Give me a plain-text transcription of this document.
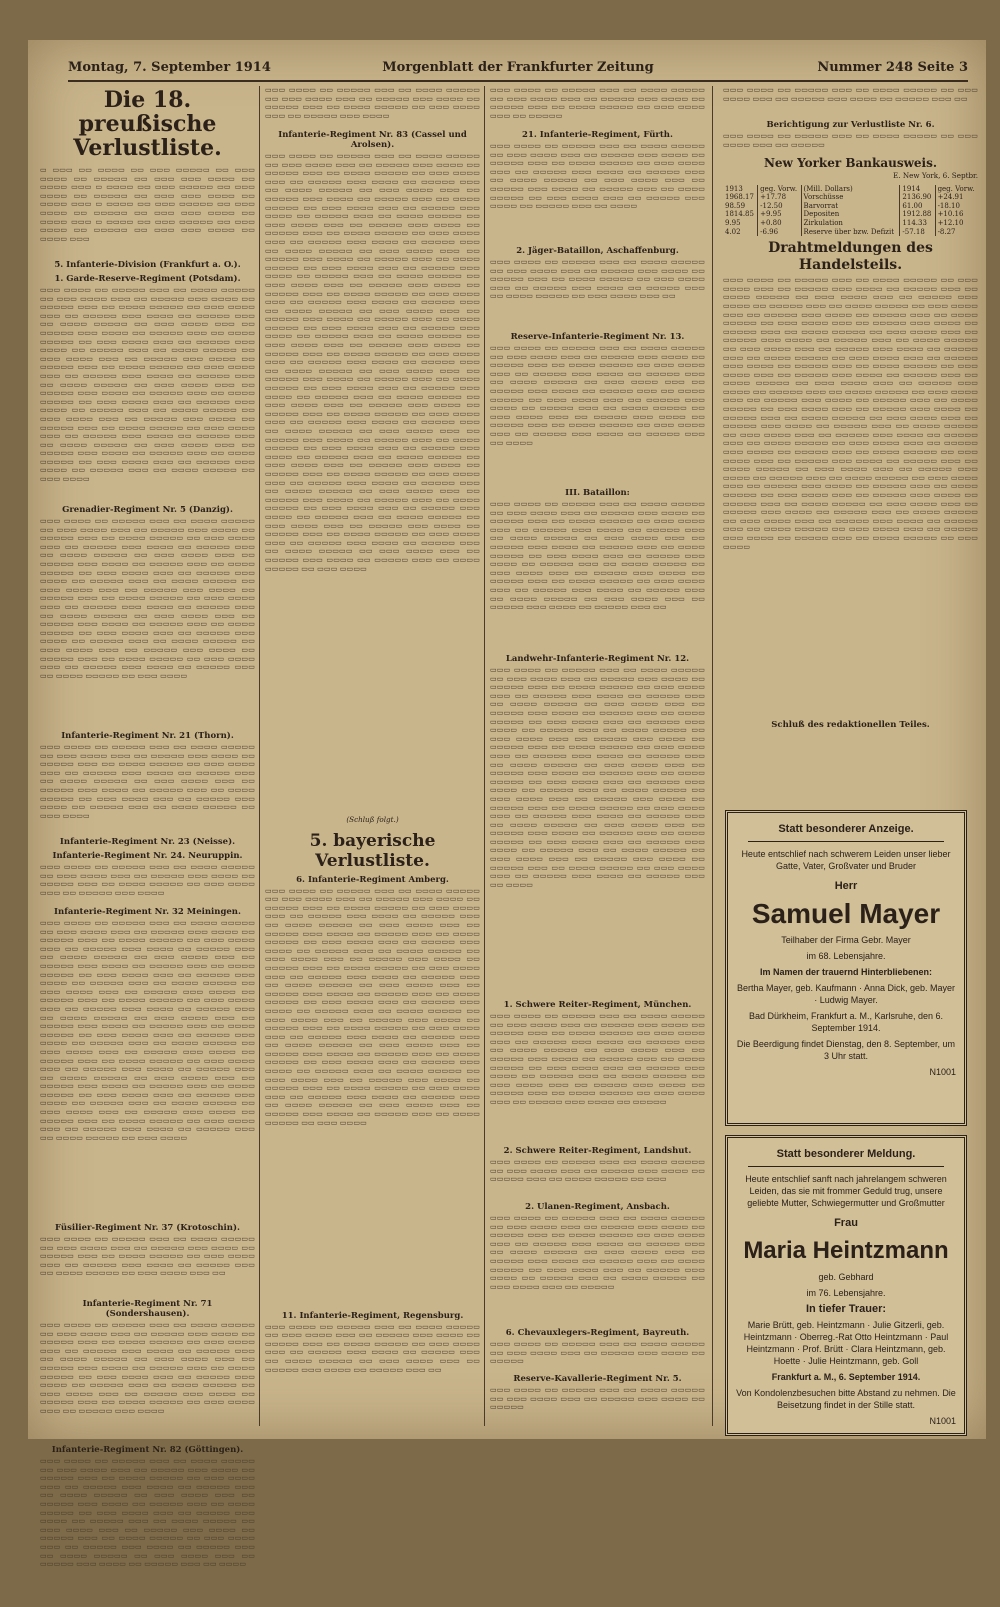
Montag, 7. September 1914	Morgenblatt der Frankfurter Zeitung	Nummer 248 Seite 3
Die 18. preußische Verlustliste.
▭ ▭▭▭ ▭▭ ▭▭▭▭ ▭▭ ▭▭▭ ▭▭▭▭▭ ▭▭ ▭▭▭ ▭▭▭▭ ▭▭ ▭▭▭▭▭ ▭▭ ▭▭▭ ▭▭▭ ▭▭▭▭ ▭▭ ▭▭▭▭ ▭▭▭ ▭ ▭▭▭▭ ▭▭ ▭▭▭ ▭▭▭▭▭ ▭▭ ▭▭▭ ▭▭▭▭ ▭▭ ▭▭▭▭▭ ▭▭ ▭▭▭ ▭▭▭ ▭▭▭▭ ▭▭ ▭▭▭▭ ▭▭▭ ▭ ▭▭▭▭ ▭▭ ▭▭▭ ▭▭▭▭▭ ▭▭ ▭▭▭ ▭▭▭▭ ▭▭ ▭▭▭▭▭ ▭▭ ▭▭▭ ▭▭▭ ▭▭▭▭ ▭▭ ▭▭▭▭ ▭▭▭ ▭ ▭▭▭▭ ▭▭ ▭▭▭ ▭▭▭▭▭ ▭▭ ▭▭▭ ▭▭▭▭ ▭▭ ▭▭▭▭▭ ▭▭ ▭▭▭ ▭▭▭ ▭▭▭▭ ▭▭ ▭▭▭▭ ▭▭▭
5. Infanterie-Division (Frankfurt a. O.).
1. Garde-Reserve-Regiment (Potsdam).
▭▭▭ ▭▭▭▭ ▭▭ ▭▭▭▭▭ ▭▭▭ ▭▭ ▭▭▭▭ ▭▭▭▭▭ ▭▭ ▭▭▭ ▭▭▭▭ ▭▭▭ ▭▭ ▭▭▭▭▭ ▭▭▭ ▭▭▭▭ ▭▭ ▭▭▭▭▭ ▭▭▭ ▭▭ ▭▭▭▭ ▭▭▭▭▭ ▭▭ ▭▭▭ ▭▭▭▭ ▭▭▭ ▭▭ ▭▭▭▭▭ ▭▭▭ ▭▭▭▭ ▭▭ ▭▭▭▭▭ ▭▭▭ ▭▭ ▭▭▭▭ ▭▭▭▭▭ ▭▭ ▭▭▭ ▭▭▭▭ ▭▭▭ ▭▭ ▭▭▭▭▭ ▭▭▭ ▭▭▭▭ ▭▭ ▭▭▭▭▭ ▭▭▭ ▭▭ ▭▭▭▭ ▭▭▭▭▭ ▭▭ ▭▭▭ ▭▭▭▭ ▭▭▭ ▭▭ ▭▭▭▭▭ ▭▭▭ ▭▭▭▭ ▭▭ ▭▭▭▭▭ ▭▭▭ ▭▭ ▭▭▭▭ ▭▭▭▭▭ ▭▭ ▭▭▭ ▭▭▭▭ ▭▭▭ ▭▭ ▭▭▭▭▭ ▭▭▭ ▭▭▭▭ ▭▭ ▭▭▭▭▭ ▭▭▭ ▭▭ ▭▭▭▭ ▭▭▭▭▭ ▭▭ ▭▭▭ ▭▭▭▭ ▭▭▭ ▭▭ ▭▭▭▭▭ ▭▭▭ ▭▭▭▭ ▭▭ ▭▭▭▭▭ ▭▭▭ ▭▭ ▭▭▭▭ ▭▭▭▭▭ ▭▭ ▭▭▭ ▭▭▭▭ ▭▭▭ ▭▭ ▭▭▭▭▭ ▭▭▭ ▭▭▭▭ ▭▭ ▭▭▭▭▭ ▭▭▭ ▭▭ ▭▭▭▭ ▭▭▭▭▭ ▭▭ ▭▭▭ ▭▭▭▭ ▭▭▭ ▭▭ ▭▭▭▭▭ ▭▭▭ ▭▭▭▭ ▭▭ ▭▭▭▭▭ ▭▭▭ ▭▭ ▭▭▭▭ ▭▭▭▭▭ ▭▭ ▭▭▭ ▭▭▭▭ ▭▭▭ ▭▭ ▭▭▭▭▭ ▭▭▭ ▭▭▭▭ ▭▭ ▭▭▭▭▭ ▭▭▭ ▭▭ ▭▭▭▭ ▭▭▭▭▭ ▭▭ ▭▭▭ ▭▭▭▭ ▭▭▭ ▭▭ ▭▭▭▭▭ ▭▭▭ ▭▭▭▭ ▭▭ ▭▭▭▭▭ ▭▭▭ ▭▭ ▭▭▭▭ ▭▭▭▭▭ ▭▭ ▭▭▭ ▭▭▭▭ ▭▭▭ ▭▭ ▭▭▭▭▭ ▭▭▭ ▭▭▭▭ ▭▭ ▭▭▭▭▭ ▭▭▭ ▭▭ ▭▭▭▭ ▭▭▭▭▭ ▭▭ ▭▭▭ ▭▭▭▭ ▭▭▭ ▭▭ ▭▭▭▭▭ ▭▭▭ ▭▭▭▭ ▭▭ ▭▭▭▭▭ ▭▭▭ ▭▭ ▭▭▭▭ ▭▭▭▭▭ ▭▭ ▭▭▭ ▭▭▭▭
Grenadier-Regiment Nr. 5 (Danzig).
▭▭▭ ▭▭▭▭ ▭▭ ▭▭▭▭▭ ▭▭▭ ▭▭ ▭▭▭▭ ▭▭▭▭▭ ▭▭ ▭▭▭ ▭▭▭▭ ▭▭▭ ▭▭ ▭▭▭▭▭ ▭▭▭ ▭▭▭▭ ▭▭ ▭▭▭▭▭ ▭▭▭ ▭▭ ▭▭▭▭ ▭▭▭▭▭ ▭▭ ▭▭▭ ▭▭▭▭ ▭▭▭ ▭▭ ▭▭▭▭▭ ▭▭▭ ▭▭▭▭ ▭▭ ▭▭▭▭▭ ▭▭▭ ▭▭ ▭▭▭▭ ▭▭▭▭▭ ▭▭ ▭▭▭ ▭▭▭▭ ▭▭▭ ▭▭ ▭▭▭▭▭ ▭▭▭ ▭▭▭▭ ▭▭ ▭▭▭▭▭ ▭▭▭ ▭▭ ▭▭▭▭ ▭▭▭▭▭ ▭▭ ▭▭▭ ▭▭▭▭ ▭▭▭ ▭▭ ▭▭▭▭▭ ▭▭▭ ▭▭▭▭ ▭▭ ▭▭▭▭▭ ▭▭▭ ▭▭ ▭▭▭▭ ▭▭▭▭▭ ▭▭ ▭▭▭ ▭▭▭▭ ▭▭▭ ▭▭ ▭▭▭▭▭ ▭▭▭ ▭▭▭▭ ▭▭ ▭▭▭▭▭ ▭▭▭ ▭▭ ▭▭▭▭ ▭▭▭▭▭ ▭▭ ▭▭▭ ▭▭▭▭ ▭▭▭ ▭▭ ▭▭▭▭▭ ▭▭▭ ▭▭▭▭ ▭▭ ▭▭▭▭▭ ▭▭▭ ▭▭ ▭▭▭▭ ▭▭▭▭▭ ▭▭ ▭▭▭ ▭▭▭▭ ▭▭▭ ▭▭ ▭▭▭▭▭ ▭▭▭ ▭▭▭▭ ▭▭ ▭▭▭▭▭ ▭▭▭ ▭▭ ▭▭▭▭ ▭▭▭▭▭ ▭▭ ▭▭▭ ▭▭▭▭ ▭▭▭ ▭▭ ▭▭▭▭▭ ▭▭▭ ▭▭▭▭ ▭▭ ▭▭▭▭▭ ▭▭▭ ▭▭ ▭▭▭▭ ▭▭▭▭▭ ▭▭ ▭▭▭ ▭▭▭▭ ▭▭▭ ▭▭ ▭▭▭▭▭ ▭▭▭ ▭▭▭▭ ▭▭ ▭▭▭▭▭ ▭▭▭ ▭▭ ▭▭▭▭ ▭▭▭▭▭ ▭▭ ▭▭▭ ▭▭▭▭ ▭▭▭ ▭▭ ▭▭▭▭▭ ▭▭▭ ▭▭▭▭ ▭▭ ▭▭▭▭▭ ▭▭▭ ▭▭ ▭▭▭▭ ▭▭▭▭▭ ▭▭ ▭▭▭ ▭▭▭▭
Infanterie-Regiment Nr. 21 (Thorn).
▭▭▭ ▭▭▭▭ ▭▭ ▭▭▭▭▭ ▭▭▭ ▭▭ ▭▭▭▭ ▭▭▭▭▭ ▭▭ ▭▭▭ ▭▭▭▭ ▭▭▭ ▭▭ ▭▭▭▭▭ ▭▭▭ ▭▭▭▭ ▭▭ ▭▭▭▭▭ ▭▭▭ ▭▭ ▭▭▭▭ ▭▭▭▭▭ ▭▭ ▭▭▭ ▭▭▭▭ ▭▭▭ ▭▭ ▭▭▭▭▭ ▭▭▭ ▭▭▭▭ ▭▭ ▭▭▭▭▭ ▭▭▭ ▭▭ ▭▭▭▭ ▭▭▭▭▭ ▭▭ ▭▭▭ ▭▭▭▭ ▭▭▭ ▭▭ ▭▭▭▭▭ ▭▭▭ ▭▭▭▭ ▭▭ ▭▭▭▭▭ ▭▭▭ ▭▭ ▭▭▭▭ ▭▭▭▭▭ ▭▭ ▭▭▭ ▭▭▭▭ ▭▭▭ ▭▭ ▭▭▭▭▭ ▭▭▭ ▭▭▭▭ ▭▭ ▭▭▭▭▭ ▭▭▭ ▭▭ ▭▭▭▭ ▭▭▭▭▭ ▭▭ ▭▭▭ ▭▭▭▭
Infanterie-Regiment Nr. 23 (Neisse).
Infanterie-Regiment Nr. 24. Neuruppin.
▭▭▭ ▭▭▭▭ ▭▭ ▭▭▭▭▭ ▭▭▭ ▭▭ ▭▭▭▭ ▭▭▭▭▭ ▭▭ ▭▭▭ ▭▭▭▭ ▭▭▭ ▭▭ ▭▭▭▭▭ ▭▭▭ ▭▭▭▭ ▭▭ ▭▭▭▭▭ ▭▭▭ ▭▭ ▭▭▭▭ ▭▭▭▭▭ ▭▭ ▭▭▭ ▭▭▭▭ ▭▭▭ ▭▭ ▭▭▭▭▭ ▭▭▭ ▭▭▭▭
Infanterie-Regiment Nr. 32 Meiningen.
▭▭▭ ▭▭▭▭ ▭▭ ▭▭▭▭▭ ▭▭▭ ▭▭ ▭▭▭▭ ▭▭▭▭▭ ▭▭ ▭▭▭ ▭▭▭▭ ▭▭▭ ▭▭ ▭▭▭▭▭ ▭▭▭ ▭▭▭▭ ▭▭ ▭▭▭▭▭ ▭▭▭ ▭▭ ▭▭▭▭ ▭▭▭▭▭ ▭▭ ▭▭▭ ▭▭▭▭ ▭▭▭ ▭▭ ▭▭▭▭▭ ▭▭▭ ▭▭▭▭ ▭▭ ▭▭▭▭▭ ▭▭▭ ▭▭ ▭▭▭▭ ▭▭▭▭▭ ▭▭ ▭▭▭ ▭▭▭▭ ▭▭▭ ▭▭ ▭▭▭▭▭ ▭▭▭ ▭▭▭▭ ▭▭ ▭▭▭▭▭ ▭▭▭ ▭▭ ▭▭▭▭ ▭▭▭▭▭ ▭▭ ▭▭▭ ▭▭▭▭ ▭▭▭ ▭▭ ▭▭▭▭▭ ▭▭▭ ▭▭▭▭ ▭▭ ▭▭▭▭▭ ▭▭▭ ▭▭ ▭▭▭▭ ▭▭▭▭▭ ▭▭ ▭▭▭ ▭▭▭▭ ▭▭▭ ▭▭ ▭▭▭▭▭ ▭▭▭ ▭▭▭▭ ▭▭ ▭▭▭▭▭ ▭▭▭ ▭▭ ▭▭▭▭ ▭▭▭▭▭ ▭▭ ▭▭▭ ▭▭▭▭ ▭▭▭ ▭▭ ▭▭▭▭▭ ▭▭▭ ▭▭▭▭ ▭▭ ▭▭▭▭▭ ▭▭▭ ▭▭ ▭▭▭▭ ▭▭▭▭▭ ▭▭ ▭▭▭ ▭▭▭▭ ▭▭▭ ▭▭ ▭▭▭▭▭ ▭▭▭ ▭▭▭▭ ▭▭ ▭▭▭▭▭ ▭▭▭ ▭▭ ▭▭▭▭ ▭▭▭▭▭ ▭▭ ▭▭▭ ▭▭▭▭ ▭▭▭ ▭▭ ▭▭▭▭▭ ▭▭▭ ▭▭▭▭ ▭▭ ▭▭▭▭▭ ▭▭▭ ▭▭ ▭▭▭▭ ▭▭▭▭▭ ▭▭ ▭▭▭ ▭▭▭▭ ▭▭▭ ▭▭ ▭▭▭▭▭ ▭▭▭ ▭▭▭▭ ▭▭ ▭▭▭▭▭ ▭▭▭ ▭▭ ▭▭▭▭ ▭▭▭▭▭ ▭▭ ▭▭▭ ▭▭▭▭ ▭▭▭ ▭▭ ▭▭▭▭▭ ▭▭▭ ▭▭▭▭ ▭▭ ▭▭▭▭▭ ▭▭▭ ▭▭ ▭▭▭▭ ▭▭▭▭▭ ▭▭ ▭▭▭ ▭▭▭▭ ▭▭▭ ▭▭ ▭▭▭▭▭ ▭▭▭ ▭▭▭▭ ▭▭ ▭▭▭▭▭ ▭▭▭ ▭▭ ▭▭▭▭ ▭▭▭▭▭ ▭▭ ▭▭▭ ▭▭▭▭ ▭▭▭ ▭▭ ▭▭▭▭▭ ▭▭▭ ▭▭▭▭ ▭▭ ▭▭▭▭▭ ▭▭▭ ▭▭ ▭▭▭▭ ▭▭▭▭▭ ▭▭ ▭▭▭ ▭▭▭▭ ▭▭▭ ▭▭ ▭▭▭▭▭ ▭▭▭ ▭▭▭▭ ▭▭ ▭▭▭▭▭ ▭▭▭ ▭▭ ▭▭▭▭ ▭▭▭▭▭ ▭▭ ▭▭▭ ▭▭▭▭ ▭▭▭ ▭▭ ▭▭▭▭▭ ▭▭▭ ▭▭▭▭ ▭▭ ▭▭▭▭▭ ▭▭▭ ▭▭ ▭▭▭▭ ▭▭▭▭▭ ▭▭ ▭▭▭ ▭▭▭▭
Füsilier-Regiment Nr. 37 (Krotoschin).
▭▭▭ ▭▭▭▭ ▭▭ ▭▭▭▭▭ ▭▭▭ ▭▭ ▭▭▭▭ ▭▭▭▭▭ ▭▭ ▭▭▭ ▭▭▭▭ ▭▭▭ ▭▭ ▭▭▭▭▭ ▭▭▭ ▭▭▭▭ ▭▭ ▭▭▭▭▭ ▭▭▭ ▭▭ ▭▭▭▭ ▭▭▭▭▭ ▭▭ ▭▭▭ ▭▭▭▭ ▭▭▭ ▭▭ ▭▭▭▭▭ ▭▭▭ ▭▭▭▭ ▭▭ ▭▭▭▭▭ ▭▭▭ ▭▭ ▭▭▭▭ ▭▭▭▭▭ ▭▭ ▭▭▭ ▭▭▭▭ ▭▭▭ ▭▭
Infanterie-Regiment Nr. 71 (Sondershausen).
▭▭▭ ▭▭▭▭ ▭▭ ▭▭▭▭▭ ▭▭▭ ▭▭ ▭▭▭▭ ▭▭▭▭▭ ▭▭ ▭▭▭ ▭▭▭▭ ▭▭▭ ▭▭ ▭▭▭▭▭ ▭▭▭ ▭▭▭▭ ▭▭ ▭▭▭▭▭ ▭▭▭ ▭▭ ▭▭▭▭ ▭▭▭▭▭ ▭▭ ▭▭▭ ▭▭▭▭ ▭▭▭ ▭▭ ▭▭▭▭▭ ▭▭▭ ▭▭▭▭ ▭▭ ▭▭▭▭▭ ▭▭▭ ▭▭ ▭▭▭▭ ▭▭▭▭▭ ▭▭ ▭▭▭ ▭▭▭▭ ▭▭▭ ▭▭ ▭▭▭▭▭ ▭▭▭ ▭▭▭▭ ▭▭ ▭▭▭▭▭ ▭▭▭ ▭▭ ▭▭▭▭ ▭▭▭▭▭ ▭▭ ▭▭▭ ▭▭▭▭ ▭▭▭ ▭▭ ▭▭▭▭▭ ▭▭▭ ▭▭▭▭ ▭▭ ▭▭▭▭▭ ▭▭▭ ▭▭ ▭▭▭▭ ▭▭▭▭▭ ▭▭ ▭▭▭ ▭▭▭▭ ▭▭▭ ▭▭ ▭▭▭▭▭ ▭▭▭ ▭▭▭▭ ▭▭ ▭▭▭▭▭ ▭▭▭ ▭▭ ▭▭▭▭ ▭▭▭▭▭ ▭▭ ▭▭▭ ▭▭▭▭ ▭▭▭ ▭▭ ▭▭▭▭▭ ▭▭▭ ▭▭▭▭
Infanterie-Regiment Nr. 82 (Göttingen).
▭▭▭ ▭▭▭▭ ▭▭ ▭▭▭▭▭ ▭▭▭ ▭▭ ▭▭▭▭ ▭▭▭▭▭ ▭▭ ▭▭▭ ▭▭▭▭ ▭▭▭ ▭▭ ▭▭▭▭▭ ▭▭▭ ▭▭▭▭ ▭▭ ▭▭▭▭▭ ▭▭▭ ▭▭ ▭▭▭▭ ▭▭▭▭▭ ▭▭ ▭▭▭ ▭▭▭▭ ▭▭▭ ▭▭ ▭▭▭▭▭ ▭▭▭ ▭▭▭▭ ▭▭ ▭▭▭▭▭ ▭▭▭ ▭▭ ▭▭▭▭ ▭▭▭▭▭ ▭▭ ▭▭▭ ▭▭▭▭ ▭▭▭ ▭▭ ▭▭▭▭▭ ▭▭▭ ▭▭▭▭ ▭▭ ▭▭▭▭▭ ▭▭▭ ▭▭ ▭▭▭▭ ▭▭▭▭▭ ▭▭ ▭▭▭ ▭▭▭▭ ▭▭▭ ▭▭ ▭▭▭▭▭ ▭▭▭ ▭▭▭▭ ▭▭ ▭▭▭▭▭ ▭▭▭ ▭▭ ▭▭▭▭ ▭▭▭▭▭ ▭▭ ▭▭▭ ▭▭▭▭ ▭▭▭ ▭▭ ▭▭▭▭▭ ▭▭▭ ▭▭▭▭ ▭▭ ▭▭▭▭▭ ▭▭▭ ▭▭ ▭▭▭▭ ▭▭▭▭▭ ▭▭ ▭▭▭ ▭▭▭▭ ▭▭▭ ▭▭ ▭▭▭▭▭ ▭▭▭ ▭▭▭▭ ▭▭ ▭▭▭▭▭ ▭▭▭ ▭▭ ▭▭▭▭ ▭▭▭▭▭ ▭▭ ▭▭▭ ▭▭▭▭ ▭▭▭ ▭▭ ▭▭▭▭▭ ▭▭▭ ▭▭▭▭ ▭▭ ▭▭▭▭▭ ▭▭▭ ▭▭ ▭▭▭▭
▭▭▭ ▭▭▭▭ ▭▭ ▭▭▭▭▭ ▭▭▭ ▭▭ ▭▭▭▭ ▭▭▭▭▭ ▭▭ ▭▭▭ ▭▭▭▭ ▭▭▭ ▭▭ ▭▭▭▭▭ ▭▭▭ ▭▭▭▭ ▭▭ ▭▭▭▭▭ ▭▭▭ ▭▭ ▭▭▭▭ ▭▭▭▭▭ ▭▭ ▭▭▭ ▭▭▭▭ ▭▭▭ ▭▭ ▭▭▭▭▭ ▭▭▭ ▭▭▭▭
Infanterie-Regiment Nr. 83 (Cassel und Arolsen).
▭▭▭ ▭▭▭▭ ▭▭ ▭▭▭▭▭ ▭▭▭ ▭▭ ▭▭▭▭ ▭▭▭▭▭ ▭▭ ▭▭▭ ▭▭▭▭ ▭▭▭ ▭▭ ▭▭▭▭▭ ▭▭▭ ▭▭▭▭ ▭▭ ▭▭▭▭▭ ▭▭▭ ▭▭ ▭▭▭▭ ▭▭▭▭▭ ▭▭ ▭▭▭ ▭▭▭▭ ▭▭▭ ▭▭ ▭▭▭▭▭ ▭▭▭ ▭▭▭▭ ▭▭ ▭▭▭▭▭ ▭▭▭ ▭▭ ▭▭▭▭ ▭▭▭▭▭ ▭▭ ▭▭▭ ▭▭▭▭ ▭▭▭ ▭▭ ▭▭▭▭▭ ▭▭▭ ▭▭▭▭ ▭▭ ▭▭▭▭▭ ▭▭▭ ▭▭ ▭▭▭▭ ▭▭▭▭▭ ▭▭ ▭▭▭ ▭▭▭▭ ▭▭▭ ▭▭ ▭▭▭▭▭ ▭▭▭ ▭▭▭▭ ▭▭ ▭▭▭▭▭ ▭▭▭ ▭▭ ▭▭▭▭ ▭▭▭▭▭ ▭▭ ▭▭▭ ▭▭▭▭ ▭▭▭ ▭▭ ▭▭▭▭▭ ▭▭▭ ▭▭▭▭ ▭▭ ▭▭▭▭▭ ▭▭▭ ▭▭ ▭▭▭▭ ▭▭▭▭▭ ▭▭ ▭▭▭ ▭▭▭▭ ▭▭▭ ▭▭ ▭▭▭▭▭ ▭▭▭ ▭▭▭▭ ▭▭ ▭▭▭▭▭ ▭▭▭ ▭▭ ▭▭▭▭ ▭▭▭▭▭ ▭▭ ▭▭▭ ▭▭▭▭ ▭▭▭ ▭▭ ▭▭▭▭▭ ▭▭▭ ▭▭▭▭ ▭▭ ▭▭▭▭▭ ▭▭▭ ▭▭ ▭▭▭▭ ▭▭▭▭▭ ▭▭ ▭▭▭ ▭▭▭▭ ▭▭▭ ▭▭ ▭▭▭▭▭ ▭▭▭ ▭▭▭▭ ▭▭ ▭▭▭▭▭ ▭▭▭ ▭▭ ▭▭▭▭ ▭▭▭▭▭ ▭▭ ▭▭▭ ▭▭▭▭ ▭▭▭ ▭▭ ▭▭▭▭▭ ▭▭▭ ▭▭▭▭ ▭▭ ▭▭▭▭▭ ▭▭▭ ▭▭ ▭▭▭▭ ▭▭▭▭▭ ▭▭ ▭▭▭ ▭▭▭▭ ▭▭▭ ▭▭ ▭▭▭▭▭ ▭▭▭ ▭▭▭▭ ▭▭ ▭▭▭▭▭ ▭▭▭ ▭▭ ▭▭▭▭ ▭▭▭▭▭ ▭▭ ▭▭▭ ▭▭▭▭ ▭▭▭ ▭▭ ▭▭▭▭▭ ▭▭▭ ▭▭▭▭ ▭▭ ▭▭▭▭▭ ▭▭▭ ▭▭ ▭▭▭▭ ▭▭▭▭▭ ▭▭ ▭▭▭ ▭▭▭▭ ▭▭▭ ▭▭ ▭▭▭▭▭ ▭▭▭ ▭▭▭▭ ▭▭ ▭▭▭▭▭ ▭▭▭ ▭▭ ▭▭▭▭ ▭▭▭▭▭ ▭▭ ▭▭▭ ▭▭▭▭ ▭▭▭ ▭▭ ▭▭▭▭▭ ▭▭▭ ▭▭▭▭ ▭▭ ▭▭▭▭▭ ▭▭▭ ▭▭ ▭▭▭▭ ▭▭▭▭▭ ▭▭ ▭▭▭ ▭▭▭▭ ▭▭▭ ▭▭ ▭▭▭▭▭ ▭▭▭ ▭▭▭▭ ▭▭ ▭▭▭▭▭ ▭▭▭ ▭▭ ▭▭▭▭ ▭▭▭▭▭ ▭▭ ▭▭▭ ▭▭▭▭ ▭▭▭ ▭▭ ▭▭▭▭▭ ▭▭▭ ▭▭▭▭ ▭▭ ▭▭▭▭▭ ▭▭▭ ▭▭ ▭▭▭▭ ▭▭▭▭▭ ▭▭ ▭▭▭ ▭▭▭▭ ▭▭▭ ▭▭ ▭▭▭▭▭ ▭▭▭ ▭▭▭▭ ▭▭ ▭▭▭▭▭ ▭▭▭ ▭▭ ▭▭▭▭ ▭▭▭▭▭ ▭▭ ▭▭▭ ▭▭▭▭ ▭▭▭ ▭▭ ▭▭▭▭▭ ▭▭▭ ▭▭▭▭ ▭▭ ▭▭▭▭▭ ▭▭▭ ▭▭ ▭▭▭▭ ▭▭▭▭▭ ▭▭ ▭▭▭ ▭▭▭▭ ▭▭▭ ▭▭ ▭▭▭▭▭ ▭▭▭ ▭▭▭▭ ▭▭ ▭▭▭▭▭ ▭▭▭ ▭▭ ▭▭▭▭ ▭▭▭▭▭ ▭▭ ▭▭▭ ▭▭▭▭ ▭▭▭ ▭▭ ▭▭▭▭▭ ▭▭▭ ▭▭▭▭ ▭▭ ▭▭▭▭▭ ▭▭▭ ▭▭ ▭▭▭▭ ▭▭▭▭▭ ▭▭ ▭▭▭ ▭▭▭▭ ▭▭▭ ▭▭ ▭▭▭▭▭ ▭▭▭ ▭▭▭▭ ▭▭ ▭▭▭▭▭ ▭▭▭ ▭▭ ▭▭▭▭ ▭▭▭▭▭ ▭▭ ▭▭▭ ▭▭▭▭ ▭▭▭ ▭▭ ▭▭▭▭▭ ▭▭▭ ▭▭▭▭ ▭▭ ▭▭▭▭▭ ▭▭▭ ▭▭ ▭▭▭▭ ▭▭▭▭▭ ▭▭ ▭▭▭ ▭▭▭▭ ▭▭▭ ▭▭ ▭▭▭▭▭ ▭▭▭ ▭▭▭▭ ▭▭ ▭▭▭▭▭ ▭▭▭ ▭▭ ▭▭▭▭ ▭▭▭▭▭ ▭▭ ▭▭▭ ▭▭▭▭ ▭▭▭ ▭▭ ▭▭▭▭▭ ▭▭▭ ▭▭▭▭ ▭▭ ▭▭▭▭▭ ▭▭▭ ▭▭ ▭▭▭▭ ▭▭▭▭▭ ▭▭ ▭▭▭ ▭▭▭▭ ▭▭▭ ▭▭ ▭▭▭▭▭ ▭▭▭ ▭▭▭▭ ▭▭ ▭▭▭▭▭ ▭▭▭ ▭▭ ▭▭▭▭ ▭▭▭▭▭ ▭▭ ▭▭▭ ▭▭▭▭ ▭▭▭ ▭▭ ▭▭▭▭▭ ▭▭▭ ▭▭▭▭ ▭▭ ▭▭▭▭▭ ▭▭▭ ▭▭ ▭▭▭▭ ▭▭▭▭▭ ▭▭ ▭▭▭ ▭▭▭▭ ▭▭▭ ▭▭ ▭▭▭▭▭ ▭▭▭ ▭▭▭▭ ▭▭ ▭▭▭▭▭ ▭▭▭ ▭▭ ▭▭▭▭ ▭▭▭▭▭ ▭▭ ▭▭▭ ▭▭▭▭ ▭▭▭ ▭▭ ▭▭▭▭▭ ▭▭▭ ▭▭▭▭ ▭▭ ▭▭▭▭▭ ▭▭▭ ▭▭ ▭▭▭▭ ▭▭▭▭▭ ▭▭ ▭▭▭ ▭▭▭▭
(Schluß folgt.)
5. bayerische Verlustliste.
6. Infanterie-Regiment Amberg.
▭▭▭ ▭▭▭▭ ▭▭ ▭▭▭▭▭ ▭▭▭ ▭▭ ▭▭▭▭ ▭▭▭▭▭ ▭▭ ▭▭▭ ▭▭▭▭ ▭▭▭ ▭▭ ▭▭▭▭▭ ▭▭▭ ▭▭▭▭ ▭▭ ▭▭▭▭▭ ▭▭▭ ▭▭ ▭▭▭▭ ▭▭▭▭▭ ▭▭ ▭▭▭ ▭▭▭▭ ▭▭▭ ▭▭ ▭▭▭▭▭ ▭▭▭ ▭▭▭▭ ▭▭ ▭▭▭▭▭ ▭▭▭ ▭▭ ▭▭▭▭ ▭▭▭▭▭ ▭▭ ▭▭▭ ▭▭▭▭ ▭▭▭ ▭▭ ▭▭▭▭▭ ▭▭▭ ▭▭▭▭ ▭▭ ▭▭▭▭▭ ▭▭▭ ▭▭ ▭▭▭▭ ▭▭▭▭▭ ▭▭ ▭▭▭ ▭▭▭▭ ▭▭▭ ▭▭ ▭▭▭▭▭ ▭▭▭ ▭▭▭▭ ▭▭ ▭▭▭▭▭ ▭▭▭ ▭▭ ▭▭▭▭ ▭▭▭▭▭ ▭▭ ▭▭▭ ▭▭▭▭ ▭▭▭ ▭▭ ▭▭▭▭▭ ▭▭▭ ▭▭▭▭ ▭▭ ▭▭▭▭▭ ▭▭▭ ▭▭ ▭▭▭▭ ▭▭▭▭▭ ▭▭ ▭▭▭ ▭▭▭▭ ▭▭▭ ▭▭ ▭▭▭▭▭ ▭▭▭ ▭▭▭▭ ▭▭ ▭▭▭▭▭ ▭▭▭ ▭▭ ▭▭▭▭ ▭▭▭▭▭ ▭▭ ▭▭▭ ▭▭▭▭ ▭▭▭ ▭▭ ▭▭▭▭▭ ▭▭▭ ▭▭▭▭ ▭▭ ▭▭▭▭▭ ▭▭▭ ▭▭ ▭▭▭▭ ▭▭▭▭▭ ▭▭ ▭▭▭ ▭▭▭▭ ▭▭▭ ▭▭ ▭▭▭▭▭ ▭▭▭ ▭▭▭▭ ▭▭ ▭▭▭▭▭ ▭▭▭ ▭▭ ▭▭▭▭ ▭▭▭▭▭ ▭▭ ▭▭▭ ▭▭▭▭ ▭▭▭ ▭▭ ▭▭▭▭▭ ▭▭▭ ▭▭▭▭ ▭▭ ▭▭▭▭▭ ▭▭▭ ▭▭ ▭▭▭▭ ▭▭▭▭▭ ▭▭ ▭▭▭ ▭▭▭▭ ▭▭▭ ▭▭ ▭▭▭▭▭ ▭▭▭ ▭▭▭▭ ▭▭ ▭▭▭▭▭ ▭▭▭ ▭▭ ▭▭▭▭ ▭▭▭▭▭ ▭▭ ▭▭▭ ▭▭▭▭ ▭▭▭ ▭▭ ▭▭▭▭▭ ▭▭▭ ▭▭▭▭ ▭▭ ▭▭▭▭▭ ▭▭▭ ▭▭ ▭▭▭▭ ▭▭▭▭▭ ▭▭ ▭▭▭ ▭▭▭▭ ▭▭▭ ▭▭ ▭▭▭▭▭ ▭▭▭ ▭▭▭▭ ▭▭ ▭▭▭▭▭ ▭▭▭ ▭▭ ▭▭▭▭ ▭▭▭▭▭ ▭▭ ▭▭▭ ▭▭▭▭ ▭▭▭ ▭▭ ▭▭▭▭▭ ▭▭▭ ▭▭▭▭ ▭▭ ▭▭▭▭▭ ▭▭▭ ▭▭ ▭▭▭▭ ▭▭▭▭▭ ▭▭ ▭▭▭ ▭▭▭▭ ▭▭▭ ▭▭ ▭▭▭▭▭ ▭▭▭ ▭▭▭▭ ▭▭ ▭▭▭▭▭ ▭▭▭ ▭▭ ▭▭▭▭ ▭▭▭▭▭ ▭▭ ▭▭▭ ▭▭▭▭ ▭▭▭ ▭▭ ▭▭▭▭▭ ▭▭▭ ▭▭▭▭ ▭▭ ▭▭▭▭▭ ▭▭▭ ▭▭ ▭▭▭▭ ▭▭▭▭▭ ▭▭ ▭▭▭ ▭▭▭▭
11. Infanterie-Regiment, Regensburg.
▭▭▭ ▭▭▭▭ ▭▭ ▭▭▭▭▭ ▭▭▭ ▭▭ ▭▭▭▭ ▭▭▭▭▭ ▭▭ ▭▭▭ ▭▭▭▭ ▭▭▭ ▭▭ ▭▭▭▭▭ ▭▭▭ ▭▭▭▭ ▭▭ ▭▭▭▭▭ ▭▭▭ ▭▭ ▭▭▭▭ ▭▭▭▭▭ ▭▭ ▭▭▭ ▭▭▭▭ ▭▭▭ ▭▭ ▭▭▭▭▭ ▭▭▭ ▭▭▭▭ ▭▭ ▭▭▭▭▭ ▭▭▭ ▭▭ ▭▭▭▭ ▭▭▭▭▭ ▭▭ ▭▭▭ ▭▭▭▭ ▭▭▭ ▭▭ ▭▭▭▭▭ ▭▭▭ ▭▭▭▭ ▭▭ ▭▭▭▭▭ ▭▭▭ ▭▭
▭▭▭ ▭▭▭▭ ▭▭ ▭▭▭▭▭ ▭▭▭ ▭▭ ▭▭▭▭ ▭▭▭▭▭ ▭▭ ▭▭▭ ▭▭▭▭ ▭▭▭ ▭▭ ▭▭▭▭▭ ▭▭▭ ▭▭▭▭ ▭▭ ▭▭▭▭▭ ▭▭▭ ▭▭ ▭▭▭▭ ▭▭▭▭▭ ▭▭ ▭▭▭ ▭▭▭▭ ▭▭▭ ▭▭ ▭▭▭▭▭
21. Infanterie-Regiment, Fürth.
▭▭▭ ▭▭▭▭ ▭▭ ▭▭▭▭▭ ▭▭▭ ▭▭ ▭▭▭▭ ▭▭▭▭▭ ▭▭ ▭▭▭ ▭▭▭▭ ▭▭▭ ▭▭ ▭▭▭▭▭ ▭▭▭ ▭▭▭▭ ▭▭ ▭▭▭▭▭ ▭▭▭ ▭▭ ▭▭▭▭ ▭▭▭▭▭ ▭▭ ▭▭▭ ▭▭▭▭ ▭▭▭ ▭▭ ▭▭▭▭▭ ▭▭▭ ▭▭▭▭ ▭▭ ▭▭▭▭▭ ▭▭▭ ▭▭ ▭▭▭▭ ▭▭▭▭▭ ▭▭ ▭▭▭ ▭▭▭▭ ▭▭▭ ▭▭ ▭▭▭▭▭ ▭▭▭ ▭▭▭▭ ▭▭ ▭▭▭▭▭ ▭▭▭ ▭▭ ▭▭▭▭ ▭▭▭▭▭ ▭▭ ▭▭▭ ▭▭▭▭ ▭▭▭ ▭▭ ▭▭▭▭▭ ▭▭▭ ▭▭▭▭ ▭▭ ▭▭▭▭▭ ▭▭▭ ▭▭ ▭▭▭▭
2. Jäger-Bataillon, Aschaffenburg.
▭▭▭ ▭▭▭▭ ▭▭ ▭▭▭▭▭ ▭▭▭ ▭▭ ▭▭▭▭ ▭▭▭▭▭ ▭▭ ▭▭▭ ▭▭▭▭ ▭▭▭ ▭▭ ▭▭▭▭▭ ▭▭▭ ▭▭▭▭ ▭▭ ▭▭▭▭▭ ▭▭▭ ▭▭ ▭▭▭▭ ▭▭▭▭▭ ▭▭ ▭▭▭ ▭▭▭▭ ▭▭▭ ▭▭ ▭▭▭▭▭ ▭▭▭ ▭▭▭▭ ▭▭ ▭▭▭▭▭ ▭▭▭ ▭▭ ▭▭▭▭ ▭▭▭▭▭ ▭▭ ▭▭▭ ▭▭▭▭ ▭▭▭ ▭▭
Reserve-Infanterie-Regiment Nr. 13.
▭▭▭ ▭▭▭▭ ▭▭ ▭▭▭▭▭ ▭▭▭ ▭▭ ▭▭▭▭ ▭▭▭▭▭ ▭▭ ▭▭▭ ▭▭▭▭ ▭▭▭ ▭▭ ▭▭▭▭▭ ▭▭▭ ▭▭▭▭ ▭▭ ▭▭▭▭▭ ▭▭▭ ▭▭ ▭▭▭▭ ▭▭▭▭▭ ▭▭ ▭▭▭ ▭▭▭▭ ▭▭▭ ▭▭ ▭▭▭▭▭ ▭▭▭ ▭▭▭▭ ▭▭ ▭▭▭▭▭ ▭▭▭ ▭▭ ▭▭▭▭ ▭▭▭▭▭ ▭▭ ▭▭▭ ▭▭▭▭ ▭▭▭ ▭▭ ▭▭▭▭▭ ▭▭▭ ▭▭▭▭ ▭▭ ▭▭▭▭▭ ▭▭▭ ▭▭ ▭▭▭▭ ▭▭▭▭▭ ▭▭ ▭▭▭ ▭▭▭▭ ▭▭▭ ▭▭ ▭▭▭▭▭ ▭▭▭ ▭▭▭▭ ▭▭ ▭▭▭▭▭ ▭▭▭ ▭▭ ▭▭▭▭ ▭▭▭▭▭ ▭▭ ▭▭▭ ▭▭▭▭ ▭▭▭ ▭▭ ▭▭▭▭▭ ▭▭▭ ▭▭▭▭ ▭▭ ▭▭▭▭▭ ▭▭▭ ▭▭ ▭▭▭▭ ▭▭▭▭▭ ▭▭ ▭▭▭ ▭▭▭▭ ▭▭▭ ▭▭ ▭▭▭▭▭ ▭▭▭ ▭▭▭▭ ▭▭ ▭▭▭▭▭ ▭▭▭ ▭▭ ▭▭▭▭
III. Bataillon:
▭▭▭ ▭▭▭▭ ▭▭ ▭▭▭▭▭ ▭▭▭ ▭▭ ▭▭▭▭ ▭▭▭▭▭ ▭▭ ▭▭▭ ▭▭▭▭ ▭▭▭ ▭▭ ▭▭▭▭▭ ▭▭▭ ▭▭▭▭ ▭▭ ▭▭▭▭▭ ▭▭▭ ▭▭ ▭▭▭▭ ▭▭▭▭▭ ▭▭ ▭▭▭ ▭▭▭▭ ▭▭▭ ▭▭ ▭▭▭▭▭ ▭▭▭ ▭▭▭▭ ▭▭ ▭▭▭▭▭ ▭▭▭ ▭▭ ▭▭▭▭ ▭▭▭▭▭ ▭▭ ▭▭▭ ▭▭▭▭ ▭▭▭ ▭▭ ▭▭▭▭▭ ▭▭▭ ▭▭▭▭ ▭▭ ▭▭▭▭▭ ▭▭▭ ▭▭ ▭▭▭▭ ▭▭▭▭▭ ▭▭ ▭▭▭ ▭▭▭▭ ▭▭▭ ▭▭ ▭▭▭▭▭ ▭▭▭ ▭▭▭▭ ▭▭ ▭▭▭▭▭ ▭▭▭ ▭▭ ▭▭▭▭ ▭▭▭▭▭ ▭▭ ▭▭▭ ▭▭▭▭ ▭▭▭ ▭▭ ▭▭▭▭▭ ▭▭▭ ▭▭▭▭ ▭▭ ▭▭▭▭▭ ▭▭▭ ▭▭ ▭▭▭▭ ▭▭▭▭▭ ▭▭ ▭▭▭ ▭▭▭▭ ▭▭▭ ▭▭ ▭▭▭▭▭ ▭▭▭ ▭▭▭▭ ▭▭ ▭▭▭▭▭ ▭▭▭ ▭▭ ▭▭▭▭ ▭▭▭▭▭ ▭▭ ▭▭▭ ▭▭▭▭ ▭▭▭ ▭▭ ▭▭▭▭▭ ▭▭▭ ▭▭▭▭ ▭▭ ▭▭▭▭▭ ▭▭▭ ▭▭
Landwehr-Infanterie-Regiment Nr. 12.
▭▭▭ ▭▭▭▭ ▭▭ ▭▭▭▭▭ ▭▭▭ ▭▭ ▭▭▭▭ ▭▭▭▭▭ ▭▭ ▭▭▭ ▭▭▭▭ ▭▭▭ ▭▭ ▭▭▭▭▭ ▭▭▭ ▭▭▭▭ ▭▭ ▭▭▭▭▭ ▭▭▭ ▭▭ ▭▭▭▭ ▭▭▭▭▭ ▭▭ ▭▭▭ ▭▭▭▭ ▭▭▭ ▭▭ ▭▭▭▭▭ ▭▭▭ ▭▭▭▭ ▭▭ ▭▭▭▭▭ ▭▭▭ ▭▭ ▭▭▭▭ ▭▭▭▭▭ ▭▭ ▭▭▭ ▭▭▭▭ ▭▭▭ ▭▭ ▭▭▭▭▭ ▭▭▭ ▭▭▭▭ ▭▭ ▭▭▭▭▭ ▭▭▭ ▭▭ ▭▭▭▭ ▭▭▭▭▭ ▭▭ ▭▭▭ ▭▭▭▭ ▭▭▭ ▭▭ ▭▭▭▭▭ ▭▭▭ ▭▭▭▭ ▭▭ ▭▭▭▭▭ ▭▭▭ ▭▭ ▭▭▭▭ ▭▭▭▭▭ ▭▭ ▭▭▭ ▭▭▭▭ ▭▭▭ ▭▭ ▭▭▭▭▭ ▭▭▭ ▭▭▭▭ ▭▭ ▭▭▭▭▭ ▭▭▭ ▭▭ ▭▭▭▭ ▭▭▭▭▭ ▭▭ ▭▭▭ ▭▭▭▭ ▭▭▭ ▭▭ ▭▭▭▭▭ ▭▭▭ ▭▭▭▭ ▭▭ ▭▭▭▭▭ ▭▭▭ ▭▭ ▭▭▭▭ ▭▭▭▭▭ ▭▭ ▭▭▭ ▭▭▭▭ ▭▭▭ ▭▭ ▭▭▭▭▭ ▭▭▭ ▭▭▭▭ ▭▭ ▭▭▭▭▭ ▭▭▭ ▭▭ ▭▭▭▭ ▭▭▭▭▭ ▭▭ ▭▭▭ ▭▭▭▭ ▭▭▭ ▭▭ ▭▭▭▭▭ ▭▭▭ ▭▭▭▭ ▭▭ ▭▭▭▭▭ ▭▭▭ ▭▭ ▭▭▭▭ ▭▭▭▭▭ ▭▭ ▭▭▭ ▭▭▭▭ ▭▭▭ ▭▭ ▭▭▭▭▭ ▭▭▭ ▭▭▭▭ ▭▭ ▭▭▭▭▭ ▭▭▭ ▭▭ ▭▭▭▭ ▭▭▭▭▭ ▭▭ ▭▭▭ ▭▭▭▭ ▭▭▭ ▭▭ ▭▭▭▭▭ ▭▭▭ ▭▭▭▭ ▭▭ ▭▭▭▭▭ ▭▭▭ ▭▭ ▭▭▭▭ ▭▭▭▭▭ ▭▭ ▭▭▭ ▭▭▭▭ ▭▭▭ ▭▭ ▭▭▭▭▭ ▭▭▭ ▭▭▭▭ ▭▭ ▭▭▭▭▭ ▭▭▭ ▭▭ ▭▭▭▭ ▭▭▭▭▭ ▭▭ ▭▭▭ ▭▭▭▭ ▭▭▭ ▭▭ ▭▭▭▭▭ ▭▭▭ ▭▭▭▭ ▭▭ ▭▭▭▭▭ ▭▭▭ ▭▭ ▭▭▭▭ ▭▭▭▭▭ ▭▭ ▭▭▭ ▭▭▭▭ ▭▭▭ ▭▭ ▭▭▭▭▭ ▭▭▭ ▭▭▭▭ ▭▭ ▭▭▭▭▭ ▭▭▭ ▭▭ ▭▭▭▭ ▭▭▭▭▭ ▭▭ ▭▭▭ ▭▭▭▭ ▭▭▭ ▭▭ ▭▭▭▭▭ ▭▭▭ ▭▭▭▭ ▭▭ ▭▭▭▭▭ ▭▭▭ ▭▭ ▭▭▭▭
1. Schwere Reiter-Regiment, München.
▭▭▭ ▭▭▭▭ ▭▭ ▭▭▭▭▭ ▭▭▭ ▭▭ ▭▭▭▭ ▭▭▭▭▭ ▭▭ ▭▭▭ ▭▭▭▭ ▭▭▭ ▭▭ ▭▭▭▭▭ ▭▭▭ ▭▭▭▭ ▭▭ ▭▭▭▭▭ ▭▭▭ ▭▭ ▭▭▭▭ ▭▭▭▭▭ ▭▭ ▭▭▭ ▭▭▭▭ ▭▭▭ ▭▭ ▭▭▭▭▭ ▭▭▭ ▭▭▭▭ ▭▭ ▭▭▭▭▭ ▭▭▭ ▭▭ ▭▭▭▭ ▭▭▭▭▭ ▭▭ ▭▭▭ ▭▭▭▭ ▭▭▭ ▭▭ ▭▭▭▭▭ ▭▭▭ ▭▭▭▭ ▭▭ ▭▭▭▭▭ ▭▭▭ ▭▭ ▭▭▭▭ ▭▭▭▭▭ ▭▭ ▭▭▭ ▭▭▭▭ ▭▭▭ ▭▭ ▭▭▭▭▭ ▭▭▭ ▭▭▭▭ ▭▭ ▭▭▭▭▭ ▭▭▭ ▭▭ ▭▭▭▭ ▭▭▭▭▭ ▭▭ ▭▭▭ ▭▭▭▭ ▭▭▭ ▭▭ ▭▭▭▭▭ ▭▭▭ ▭▭▭▭ ▭▭ ▭▭▭▭▭ ▭▭▭ ▭▭ ▭▭▭▭ ▭▭▭▭▭ ▭▭ ▭▭▭ ▭▭▭▭ ▭▭▭ ▭▭ ▭▭▭▭▭ ▭▭▭ ▭▭▭▭ ▭▭ ▭▭▭▭▭
2. Schwere Reiter-Regiment, Landshut.
▭▭▭ ▭▭▭▭ ▭▭ ▭▭▭▭▭ ▭▭▭ ▭▭ ▭▭▭▭ ▭▭▭▭▭ ▭▭ ▭▭▭ ▭▭▭▭ ▭▭▭ ▭▭ ▭▭▭▭▭ ▭▭▭ ▭▭▭▭ ▭▭ ▭▭▭▭▭ ▭▭▭ ▭▭ ▭▭▭▭ ▭▭▭▭▭ ▭▭ ▭▭▭
2. Ulanen-Regiment, Ansbach.
▭▭▭ ▭▭▭▭ ▭▭ ▭▭▭▭▭ ▭▭▭ ▭▭ ▭▭▭▭ ▭▭▭▭▭ ▭▭ ▭▭▭ ▭▭▭▭ ▭▭▭ ▭▭ ▭▭▭▭▭ ▭▭▭ ▭▭▭▭ ▭▭ ▭▭▭▭▭ ▭▭▭ ▭▭ ▭▭▭▭ ▭▭▭▭▭ ▭▭ ▭▭▭ ▭▭▭▭ ▭▭▭ ▭▭ ▭▭▭▭▭ ▭▭▭ ▭▭▭▭ ▭▭ ▭▭▭▭▭ ▭▭▭ ▭▭ ▭▭▭▭ ▭▭▭▭▭ ▭▭ ▭▭▭ ▭▭▭▭ ▭▭▭ ▭▭ ▭▭▭▭▭ ▭▭▭ ▭▭▭▭ ▭▭ ▭▭▭▭▭ ▭▭▭ ▭▭ ▭▭▭▭ ▭▭▭▭▭ ▭▭ ▭▭▭ ▭▭▭▭ ▭▭▭ ▭▭ ▭▭▭▭▭ ▭▭▭ ▭▭▭▭ ▭▭ ▭▭▭▭▭ ▭▭▭ ▭▭ ▭▭▭▭ ▭▭▭▭▭ ▭▭ ▭▭▭ ▭▭▭▭ ▭▭▭ ▭▭ ▭▭▭▭▭
6. Chevauxlegers-Regiment, Bayreuth.
▭▭▭ ▭▭▭▭ ▭▭ ▭▭▭▭▭ ▭▭▭ ▭▭ ▭▭▭▭ ▭▭▭▭▭ ▭▭ ▭▭▭ ▭▭▭▭ ▭▭▭ ▭▭ ▭▭▭▭▭ ▭▭▭ ▭▭▭▭ ▭▭ ▭▭▭▭▭
Reserve-Kavallerie-Regiment Nr. 5.
▭▭▭ ▭▭▭▭ ▭▭ ▭▭▭▭▭ ▭▭▭ ▭▭ ▭▭▭▭ ▭▭▭▭▭ ▭▭ ▭▭▭ ▭▭▭▭ ▭▭▭ ▭▭ ▭▭▭▭▭ ▭▭▭ ▭▭▭▭ ▭▭ ▭▭▭▭▭
▭▭▭ ▭▭▭▭ ▭▭ ▭▭▭▭▭ ▭▭▭ ▭▭ ▭▭▭▭ ▭▭▭▭▭ ▭▭ ▭▭▭ ▭▭▭▭ ▭▭▭ ▭▭ ▭▭▭▭▭ ▭▭▭ ▭▭▭▭ ▭▭ ▭▭▭▭▭ ▭▭▭ ▭▭
Berichtigung zur Verlustliste Nr. 6.
▭▭▭ ▭▭▭▭ ▭▭ ▭▭▭▭▭ ▭▭▭ ▭▭ ▭▭▭▭ ▭▭▭▭▭ ▭▭ ▭▭▭ ▭▭▭▭ ▭▭▭ ▭▭ ▭▭▭▭▭
New Yorker Bankausweis.
E. New York, 6. Septbr.
1913	geg. Vorw.	(Mill. Dollars)	1914	geg. Vorw.
1968.17	+17.78	Vorschüsse	2136.90	+24.91
98.59	-12.50	Barvorrat	61.00	-18.10
1814.85	+9.95	Depositen	1912.88	+10.16
9.95	+0.80	Zirkulation	114.33	+12.10
4.02	-6.96	Reserve über bzw. Defizit	-57.18	-8.27
Drahtmeldungen des Handelsteils.
▭▭▭ ▭▭▭▭ ▭▭ ▭▭▭▭▭ ▭▭▭ ▭▭ ▭▭▭▭ ▭▭▭▭▭ ▭▭ ▭▭▭ ▭▭▭▭ ▭▭▭ ▭▭ ▭▭▭▭▭ ▭▭▭ ▭▭▭▭ ▭▭ ▭▭▭▭▭ ▭▭▭ ▭▭ ▭▭▭▭ ▭▭▭▭▭ ▭▭ ▭▭▭ ▭▭▭▭ ▭▭▭ ▭▭ ▭▭▭▭▭ ▭▭▭ ▭▭▭▭ ▭▭ ▭▭▭▭▭ ▭▭▭ ▭▭ ▭▭▭▭ ▭▭▭▭▭ ▭▭ ▭▭▭ ▭▭▭▭ ▭▭▭ ▭▭ ▭▭▭▭▭ ▭▭▭ ▭▭▭▭ ▭▭ ▭▭▭▭▭ ▭▭▭ ▭▭ ▭▭▭▭ ▭▭▭▭▭ ▭▭ ▭▭▭ ▭▭▭▭ ▭▭▭ ▭▭ ▭▭▭▭▭ ▭▭▭ ▭▭▭▭ ▭▭ ▭▭▭▭▭ ▭▭▭ ▭▭ ▭▭▭▭ ▭▭▭▭▭ ▭▭ ▭▭▭ ▭▭▭▭ ▭▭▭ ▭▭ ▭▭▭▭▭ ▭▭▭ ▭▭▭▭ ▭▭ ▭▭▭▭▭ ▭▭▭ ▭▭ ▭▭▭▭ ▭▭▭▭▭ ▭▭ ▭▭▭ ▭▭▭▭ ▭▭▭ ▭▭ ▭▭▭▭▭ ▭▭▭ ▭▭▭▭ ▭▭ ▭▭▭▭▭ ▭▭▭ ▭▭ ▭▭▭▭ ▭▭▭▭▭ ▭▭ ▭▭▭ ▭▭▭▭ ▭▭▭ ▭▭ ▭▭▭▭▭ ▭▭▭ ▭▭▭▭ ▭▭ ▭▭▭▭▭ ▭▭▭ ▭▭ ▭▭▭▭ ▭▭▭▭▭ ▭▭ ▭▭▭ ▭▭▭▭ ▭▭▭ ▭▭ ▭▭▭▭▭ ▭▭▭ ▭▭▭▭ ▭▭ ▭▭▭▭▭ ▭▭▭ ▭▭ ▭▭▭▭ ▭▭▭▭▭ ▭▭ ▭▭▭ ▭▭▭▭ ▭▭▭ ▭▭ ▭▭▭▭▭ ▭▭▭ ▭▭▭▭ ▭▭ ▭▭▭▭▭ ▭▭▭ ▭▭ ▭▭▭▭ ▭▭▭▭▭ ▭▭ ▭▭▭ ▭▭▭▭ ▭▭▭ ▭▭ ▭▭▭▭▭ ▭▭▭ ▭▭▭▭ ▭▭ ▭▭▭▭▭ ▭▭▭ ▭▭ ▭▭▭▭ ▭▭▭▭▭ ▭▭ ▭▭▭ ▭▭▭▭ ▭▭▭ ▭▭ ▭▭▭▭▭ ▭▭▭ ▭▭▭▭ ▭▭ ▭▭▭▭▭ ▭▭▭ ▭▭ ▭▭▭▭ ▭▭▭▭▭ ▭▭ ▭▭▭ ▭▭▭▭ ▭▭▭ ▭▭ ▭▭▭▭▭ ▭▭▭ ▭▭▭▭ ▭▭ ▭▭▭▭▭ ▭▭▭ ▭▭ ▭▭▭▭ ▭▭▭▭▭ ▭▭ ▭▭▭ ▭▭▭▭ ▭▭▭ ▭▭ ▭▭▭▭▭ ▭▭▭ ▭▭▭▭ ▭▭ ▭▭▭▭▭ ▭▭▭ ▭▭ ▭▭▭▭ ▭▭▭▭▭ ▭▭ ▭▭▭ ▭▭▭▭ ▭▭▭ ▭▭ ▭▭▭▭▭ ▭▭▭ ▭▭▭▭ ▭▭ ▭▭▭▭▭ ▭▭▭ ▭▭ ▭▭▭▭ ▭▭▭▭▭ ▭▭ ▭▭▭ ▭▭▭▭ ▭▭▭ ▭▭ ▭▭▭▭▭ ▭▭▭ ▭▭▭▭ ▭▭ ▭▭▭▭▭ ▭▭▭ ▭▭ ▭▭▭▭ ▭▭▭▭▭ ▭▭ ▭▭▭ ▭▭▭▭ ▭▭▭ ▭▭ ▭▭▭▭▭ ▭▭▭ ▭▭▭▭ ▭▭ ▭▭▭▭▭ ▭▭▭ ▭▭ ▭▭▭▭ ▭▭▭▭▭ ▭▭ ▭▭▭ ▭▭▭▭ ▭▭▭ ▭▭ ▭▭▭▭▭ ▭▭▭ ▭▭▭▭ ▭▭ ▭▭▭▭▭ ▭▭▭ ▭▭ ▭▭▭▭ ▭▭▭▭▭ ▭▭ ▭▭▭ ▭▭▭▭ ▭▭▭ ▭▭ ▭▭▭▭▭ ▭▭▭ ▭▭▭▭ ▭▭ ▭▭▭▭▭ ▭▭▭ ▭▭ ▭▭▭▭ ▭▭▭▭▭ ▭▭ ▭▭▭ ▭▭▭▭ ▭▭▭ ▭▭ ▭▭▭▭▭ ▭▭▭ ▭▭▭▭ ▭▭ ▭▭▭▭▭ ▭▭▭ ▭▭ ▭▭▭▭ ▭▭▭▭▭ ▭▭ ▭▭▭ ▭▭▭▭ ▭▭▭ ▭▭ ▭▭▭▭▭ ▭▭▭ ▭▭▭▭ ▭▭ ▭▭▭▭▭ ▭▭▭ ▭▭ ▭▭▭▭ ▭▭▭▭▭ ▭▭ ▭▭▭ ▭▭▭▭ ▭▭▭ ▭▭ ▭▭▭▭▭ ▭▭▭ ▭▭▭▭ ▭▭ ▭▭▭▭▭ ▭▭▭ ▭▭ ▭▭▭▭ ▭▭▭▭▭ ▭▭ ▭▭▭ ▭▭▭▭
Schluß des redaktionellen Teiles.
Statt besonderer Anzeige.
Heute entschlief nach schwerem Leiden unser lieber Gatte, Vater, Großvater und Bruder
Herr
Samuel Mayer
Teilhaber der Firma Gebr. Mayer
im 68. Lebensjahre.
Im Namen der trauernd Hinterbliebenen:
Bertha Mayer, geb. Kaufmann · Anna Dick, geb. Mayer · Ludwig Mayer.
Bad Dürkheim, Frankfurt a. M., Karlsruhe, den 6. September 1914.
Die Beerdigung findet Dienstag, den 8. September, um 3 Uhr statt.
N1001
Statt besonderer Meldung.
Heute entschlief sanft nach jahrelangem schweren Leiden, das sie mit frommer Geduld trug, unsere geliebte Mutter, Schwiegermutter und Großmutter
Frau
Maria Heintzmann
geb. Gebhard
im 76. Lebensjahre.
In tiefer Trauer:
Marie Brütt, geb. Heintzmann · Julie Gitzerli, geb. Heintzmann · Oberreg.-Rat Otto Heintzmann · Paul Heintzmann · Prof. Brütt · Clara Heintzmann, geb. Hoette · Julie Heintzmann, geb. Goll
Frankfurt a. M., 6. September 1914.
Von Kondolenzbesuchen bitte Abstand zu nehmen. Die Beisetzung findet in der Stille statt.
N1001
